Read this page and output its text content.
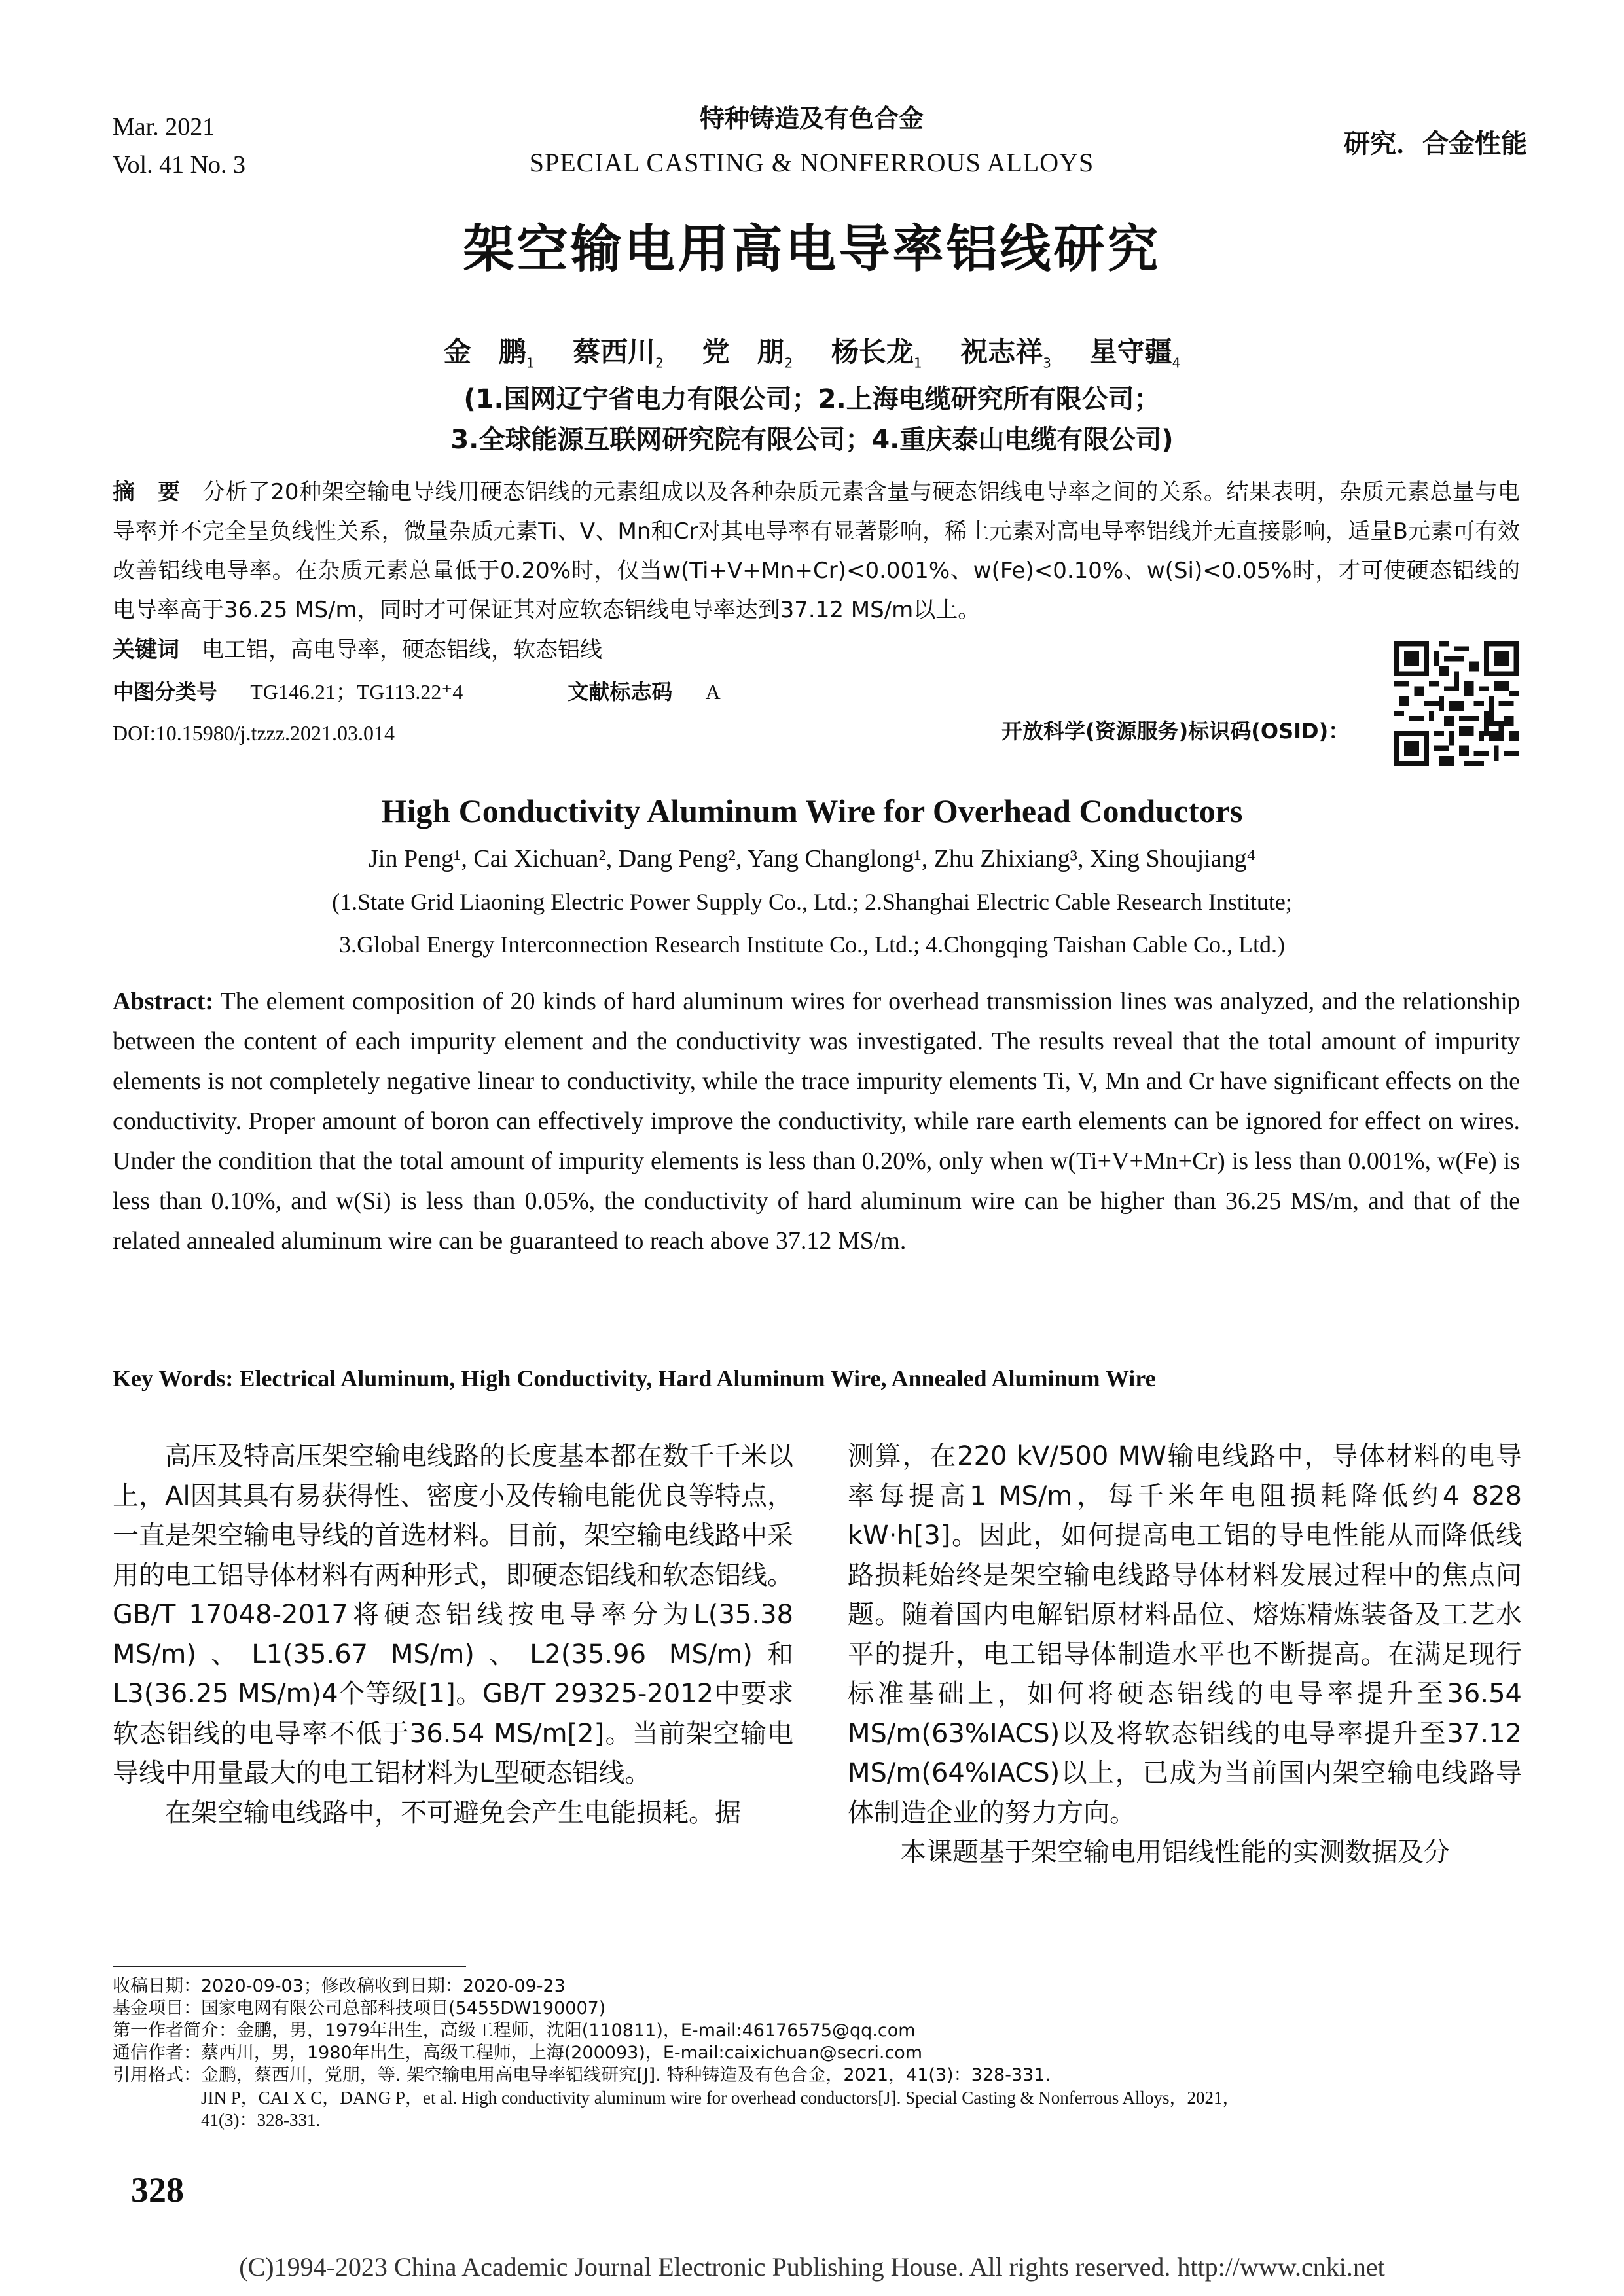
Mar. 2021
Vol. 41 No. 3
特种铸造及有色合金
SPECIAL CASTING & NONFERROUS ALLOYS
研究．合金性能
架空输电用高电导率铝线研究
金　鹏$^1$ 蔡西川$^2$ 党　朋$^2$ 杨长龙$^1$ 祝志祥$^3$ 星守疆$^4$
(1.国网辽宁省电力有限公司；2.上海电缆研究所有限公司；
3.全球能源互联网研究院有限公司；4.重庆泰山电缆有限公司)
摘　要 分析了20种架空输电导线用硬态铝线的元素组成以及各种杂质元素含量与硬态铝线电导率之间的关系。结果表明，杂质元素总量与电导率并不完全呈负线性关系，微量杂质元素Ti、V、Mn和Cr对其电导率有显著影响，稀土元素对高电导率铝线并无直接影响，适量B元素可有效改善铝线电导率。在杂质元素总量低于0.20%时，仅当w(Ti+V+Mn+Cr)<0.001%、w(Fe)<0.10%、w(Si)<0.05%时，才可使硬态铝线的电导率高于36.25 MS/m，同时才可保证其对应软态铝线电导率达到37.12 MS/m以上。
关键词 电工铝，高电导率，硬态铝线，软态铝线
中图分类号 TG146.21；TG113.22⁺4	文献标志码 A
DOI:10.15980/j.tzzz.2021.03.014	开放科学(资源服务)标识码(OSID)：
High Conductivity Aluminum Wire for Overhead Conductors
Jin Peng¹, Cai Xichuan², Dang Peng², Yang Changlong¹, Zhu Zhixiang³, Xing Shoujiang⁴
(1.State Grid Liaoning Electric Power Supply Co., Ltd.; 2.Shanghai Electric Cable Research Institute;
3.Global Energy Interconnection Research Institute Co., Ltd.; 4.Chongqing Taishan Cable Co., Ltd.)
Abstract: The element composition of 20 kinds of hard aluminum wires for overhead transmission lines was analyzed, and the relationship between the content of each impurity element and the conductivity was investigated. The results reveal that the total amount of impurity elements is not completely negative linear to conductivity, while the trace impurity elements Ti, V, Mn and Cr have significant effects on the conductivity. Proper amount of boron can effectively improve the conductivity, while rare earth elements can be ignored for effect on wires. Under the condition that the total amount of impurity elements is less than 0.20%, only when w(Ti+V+Mn+Cr) is less than 0.001%, w(Fe) is less than 0.10%, and w(Si) is less than 0.05%, the conductivity of hard aluminum wire can be higher than 36.25 MS/m, and that of the related annealed aluminum wire can be guaranteed to reach above 37.12 MS/m.
Key Words: Electrical Aluminum, High Conductivity, Hard Aluminum Wire, Annealed Aluminum Wire

高压及特高压架空输电线路的长度基本都在数千千米以上，Al因其具有易获得性、密度小及传输电能优良等特点，一直是架空输电导线的首选材料。目前，架空输电线路中采用的电工铝导体材料有两种形式，即硬态铝线和软态铝线。GB/T 17048-2017将硬态铝线按电导率分为L(35.38 MS/m)、L1(35.67 MS/m)、L2(35.96 MS/m)和L3(36.25 MS/m)4个等级[1]。GB/T 29325-2012中要求软态铝线的电导率不低于36.54 MS/m[2]。当前架空输电导线中用量最大的电工铝材料为L型硬态铝线。

在架空输电线路中，不可避免会产生电能损耗。据

测算，在220 kV/500 MW输电线路中，导体材料的电导率每提高1 MS/m，每千米年电阻损耗降低约4 828 kW·h[3]。因此，如何提高电工铝的导电性能从而降低线路损耗始终是架空输电线路导体材料发展过程中的焦点问题。随着国内电解铝原材料品位、熔炼精炼装备及工艺水平的提升，电工铝导体制造水平也不断提高。在满足现行标准基础上，如何将硬态铝线的电导率提升至36.54 MS/m(63%IACS)以及将软态铝线的电导率提升至37.12 MS/m(64%IACS)以上，已成为当前国内架空输电线路导体制造企业的努力方向。

本课题基于架空输电用铝线性能的实测数据及分

收稿日期：2020-09-03；修改稿收到日期：2020-09-23
基金项目：国家电网有限公司总部科技项目(5455DW190007)
第一作者简介：金鹏，男，1979年出生，高级工程师，沈阳(110811)，E-mail:46176575@qq.com
通信作者：蔡西川，男，1980年出生，高级工程师，上海(200093)，E-mail:caixichuan@secri.com
引用格式：金鹏，蔡西川，党朋，等. 架空输电用高电导率铝线研究[J]. 特种铸造及有色合金，2021，41(3)：328-331.
　　　　　JIN P，CAI X C，DANG P，et al. High conductivity aluminum wire for overhead conductors[J]. Special Casting & Nonferrous Alloys，2021，
　　　　　41(3)：328-331.
328
(C)1994-2023 China Academic Journal Electronic Publishing House. All rights reserved. http://www.cnki.net
